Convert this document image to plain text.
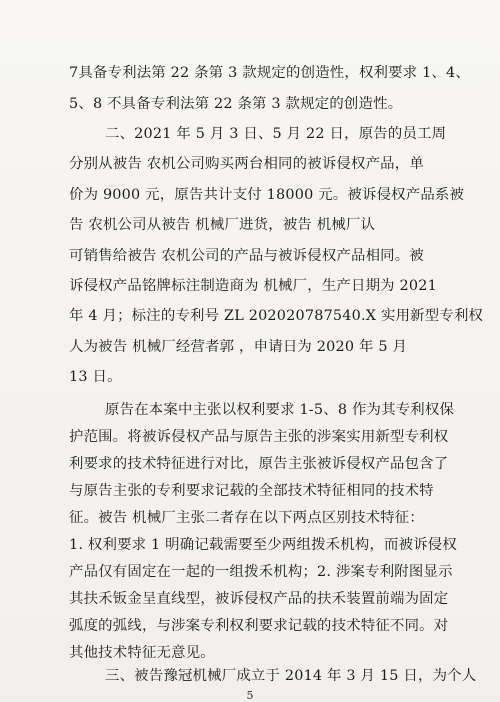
7具备专利法第 22 条第 3 款规定的创造性，权利要求 1、4、
5、8 不具备专利法第 22 条第 3 款规定的创造性。
二、2021 年 5 月 3 日、5 月 22 日，原告的员工周
分别从被告 农机公司购买两台相同的被诉侵权产品，单
价为 9000 元，原告共计支付 18000 元。被诉侵权产品系被
告 农机公司从被告 机械厂进货，被告 机械厂认
可销售给被告 农机公司的产品与被诉侵权产品相同。被
诉侵权产品铭牌标注制造商为 机械厂，生产日期为 2021
年 4 月；标注的专利号 ZL 202020787540.X 实用新型专利权
人为被告 机械厂经营者郭 ，申请日为 2020 年 5 月
13 日。
原告在本案中主张以权利要求 1-5、8 作为其专利权保
护范围。将被诉侵权产品与原告主张的涉案实用新型专利权
利要求的技术特征进行对比，原告主张被诉侵权产品包含了
与原告主张的专利要求记载的全部技术特征相同的技术特
征。被告 机械厂主张二者存在以下两点区别技术特征：
1. 权利要求 1 明确记载需要至少两组拨禾机构，而被诉侵权
产品仅有固定在一起的一组拨禾机构；2. 涉案专利附图显示
其扶禾钣金呈直线型，被诉侵权产品的扶禾装置前端为固定
弧度的弧线，与涉案专利权利要求记载的技术特征不同。对
其他技术特征无意见。
三、被告豫冠机械厂成立于 2014 年 3 月 15 日，为个人
5
